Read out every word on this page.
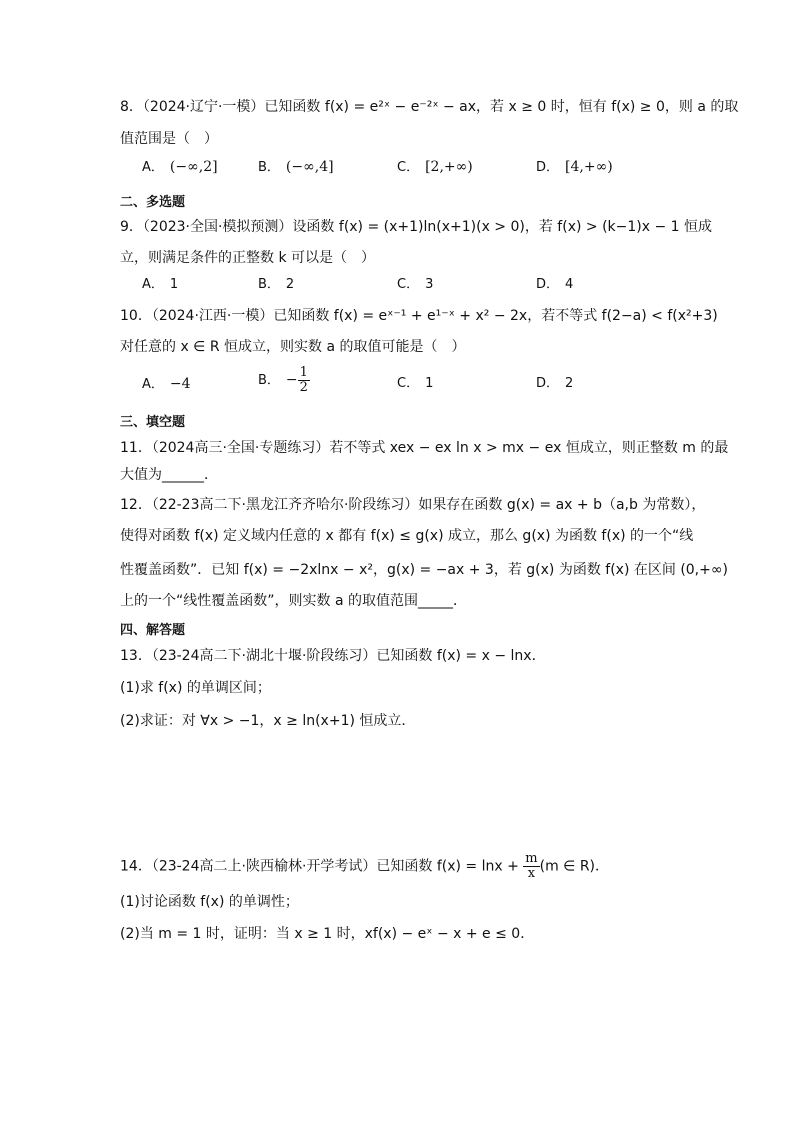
8．（2024·辽宁·一模）已知函数 f(x) = e²ˣ − e⁻²ˣ − ax，若 x ≥ 0 时，恒有 f(x) ≥ 0，则 a 的取
值范围是（　）
A． (−∞,2]	B． (−∞,4]	C． [2,+∞)	D． [4,+∞)
二、多选题
9．（2023·全国·模拟预测）设函数 f(x) = (x+1)ln(x+1)(x > 0)，若 f(x) > (k−1)x − 1 恒成
立，则满足条件的正整数 k 可以是（　）
A． 1	B． 2	C． 3	D． 4
10．（2024·江西·一模）已知函数 f(x) = eˣ⁻¹ + e¹⁻ˣ + x² − 2x，若不等式 f(2−a) < f(x²+3)
对任意的 x ∈ R 恒成立，则实数 a 的取值可能是（　）
A． −4	B． − $\frac{1}{2}$	C． 1	D． 2
三、填空题
11．（2024高三·全国·专题练习）若不等式 xex − ex ln x > mx − ex 恒成立，则正整数 m 的最
大值为______．
12．（22-23高二下·黑龙江齐齐哈尔·阶段练习）如果存在函数 g(x) = ax + b（a,b 为常数），
使得对函数 f(x) 定义域内任意的 x 都有 f(x) ≤ g(x) 成立，那么 g(x) 为函数 f(x) 的一个“线
性覆盖函数”．已知 f(x) = −2xlnx − x²，g(x) = −ax + 3，若 g(x) 为函数 f(x) 在区间 (0,+∞)
上的一个“线性覆盖函数”，则实数 a 的取值范围_____．
四、解答题
13．（23-24高二下·湖北十堰·阶段练习）已知函数 f(x) = x − lnx．
(1)求 f(x) 的单调区间；
(2)求证：对 ∀x > −1，x ≥ ln(x+1) 恒成立．
14．（23-24高二上·陕西榆林·开学考试）已知函数 $f(x) = \ln x + \frac{m}{x} (m$ ∈ R)．
(1)讨论函数 f(x) 的单调性；
(2)当 m = 1 时，证明：当 x ≥ 1 时，xf(x) − eˣ − x + e ≤ 0．
